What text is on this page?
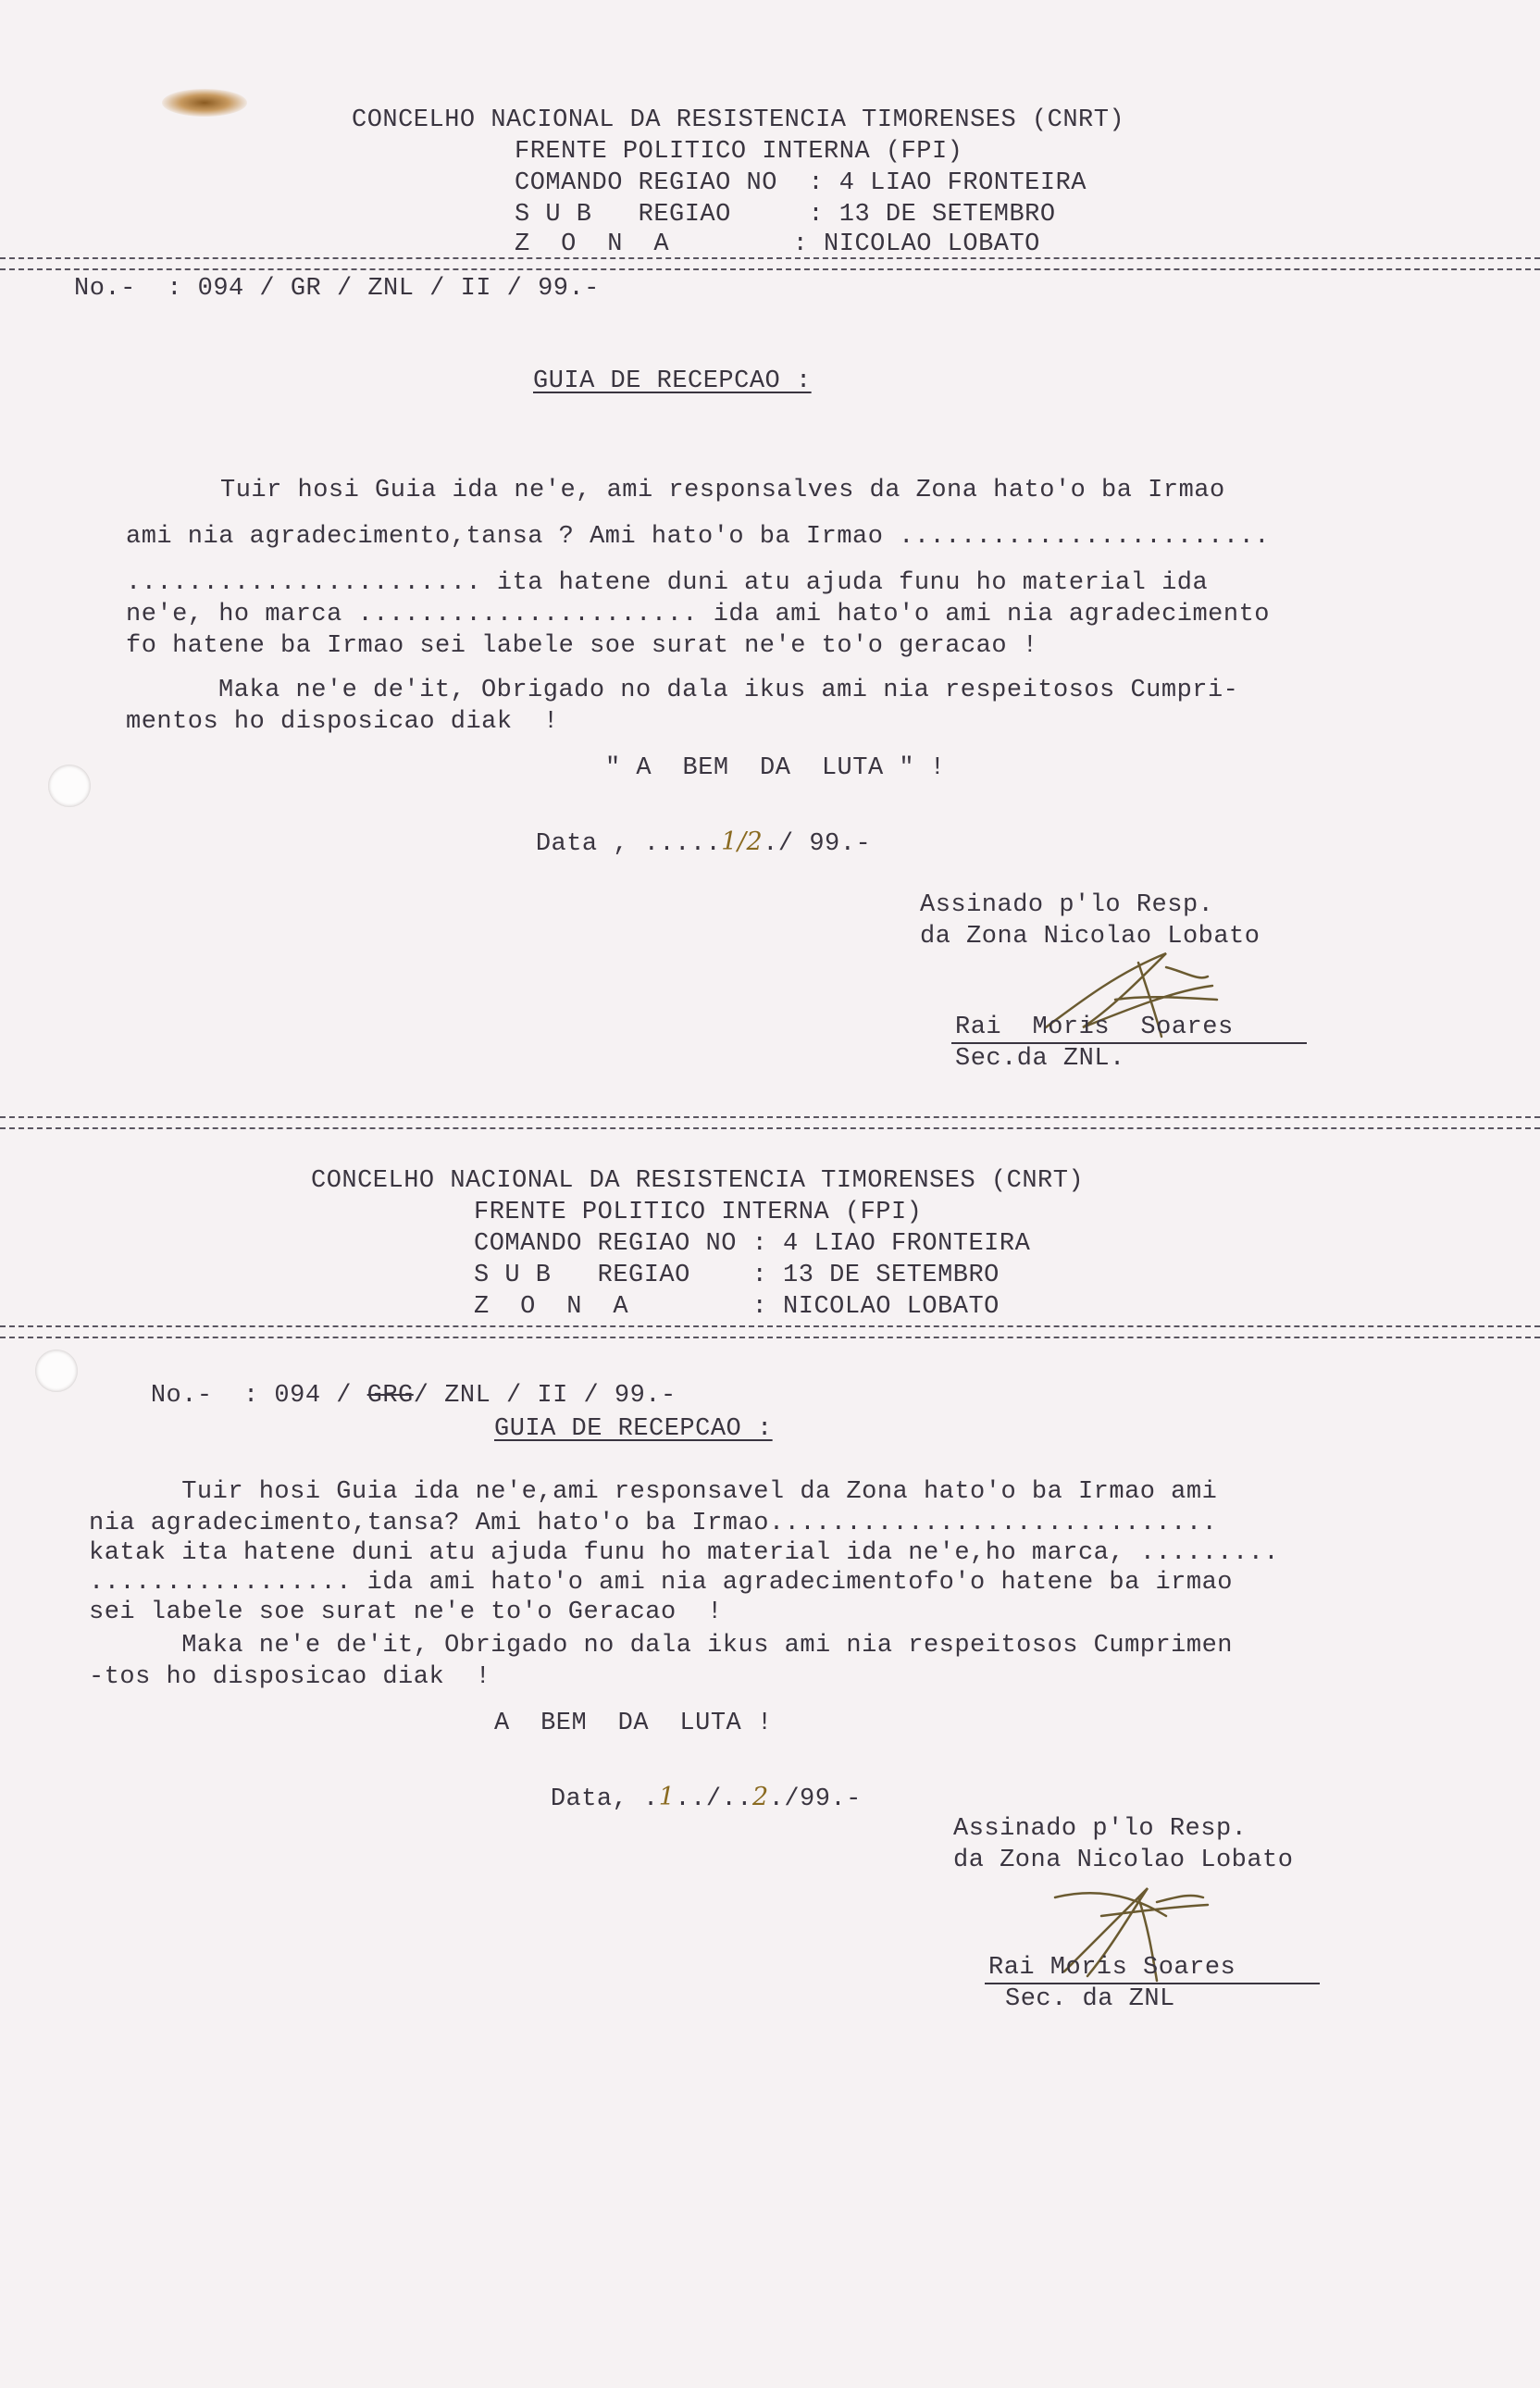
CONCELHO NACIONAL DA RESISTENCIA TIMORENSES (CNRT)
FRENTE POLITICO INTERNA (FPI)
COMANDO REGIAO NO  : 4 LIAO FRONTEIRA
S U B   REGIAO     : 13 DE SETEMBRO
Z  O  N  A        : NICOLAO LOBATO
No.-  : 094 / GR / ZNL / II / 99.-
GUIA DE RECEPCAO :
Tuir hosi Guia ida ne'e, ami responsalves da Zona hato'o ba Irmao
ami nia agradecimento,tansa ? Ami hato'o ba Irmao ........................
....................... ita hatene duni atu ajuda funu ho material ida
ne'e, ho marca ...................... ida ami hato'o ami nia agradecimento
fo hatene ba Irmao sei labele soe surat ne'e to'o geracao !
Maka ne'e de'it, Obrigado no dala ikus ami nia respeitosos Cumpri-
mentos ho disposicao diak  !
" A  BEM  DA  LUTA " !

Data , .....1/2./ 99.-

Assinado p'lo Resp.
da Zona Nicolao Lobato
Rai  Moris  Soares
Sec.da ZNL.
CONCELHO NACIONAL DA RESISTENCIA TIMORENSES (CNRT)
FRENTE POLITICO INTERNA (FPI)
COMANDO REGIAO NO : 4 LIAO FRONTEIRA
S U B   REGIAO    : 13 DE SETEMBRO
Z  O  N  A        : NICOLAO LOBATO

No.-  : 094 / GRG/ ZNL / II / 99.-

GUIA DE RECEPCAO :
Tuir hosi Guia ida ne'e,ami responsavel da Zona hato'o ba Irmao ami
nia agradecimento,tansa? Ami hato'o ba Irmao.............................
katak ita hatene duni atu ajuda funu ho material ida ne'e,ho marca, .........
................. ida ami hato'o ami nia agradecimentofo'o hatene ba irmao
sei labele soe surat ne'e to'o Geracao  !
Maka ne'e de'it, Obrigado no dala ikus ami nia respeitosos Cumprimen
-tos ho disposicao diak  !
A  BEM  DA  LUTA !

Data, .1../..2./99.-

Assinado p'lo Resp.
da Zona Nicolao Lobato
Rai Moris Soares
Sec. da ZNL
